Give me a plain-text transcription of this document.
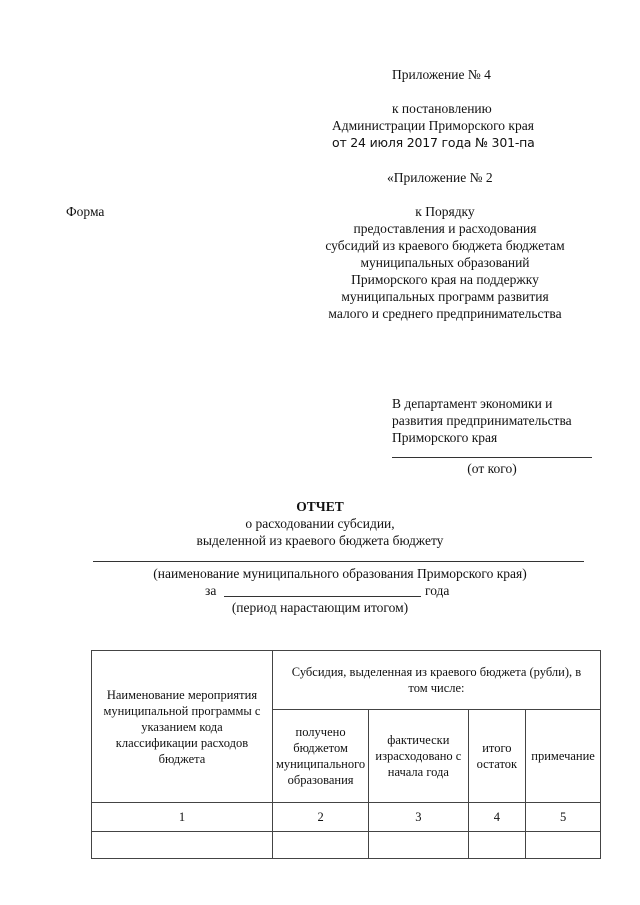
Приложение № 4
к постановлению
Администрации Приморского края
от 24 июля 2017 года № 301-па
«Приложение № 2
Форма	к Порядку
предоставления и расходования
субсидий из краевого бюджета бюджетам
муниципальных образований
Приморского края на поддержку
муниципальных программ развития
малого и среднего предпринимательства
В департамент экономики и
развития предпринимательства
Приморского края
(от кого)
ОТЧЕТ
о расходовании субсидии,
выделенной из краевого бюджета бюджету
(наименование муниципального образования Приморского края)
за	года
(период нарастающим итогом)
Наименование мероприятия муниципальной программы с указанием кода классификации расходов бюджета	Субсидия, выделенная из краевого бюджета (рубли), в том числе:			
	получено бюджетом муниципального образования	фактически израсходовано с начала года	итого остаток	примечание
1	2	3	4	5
